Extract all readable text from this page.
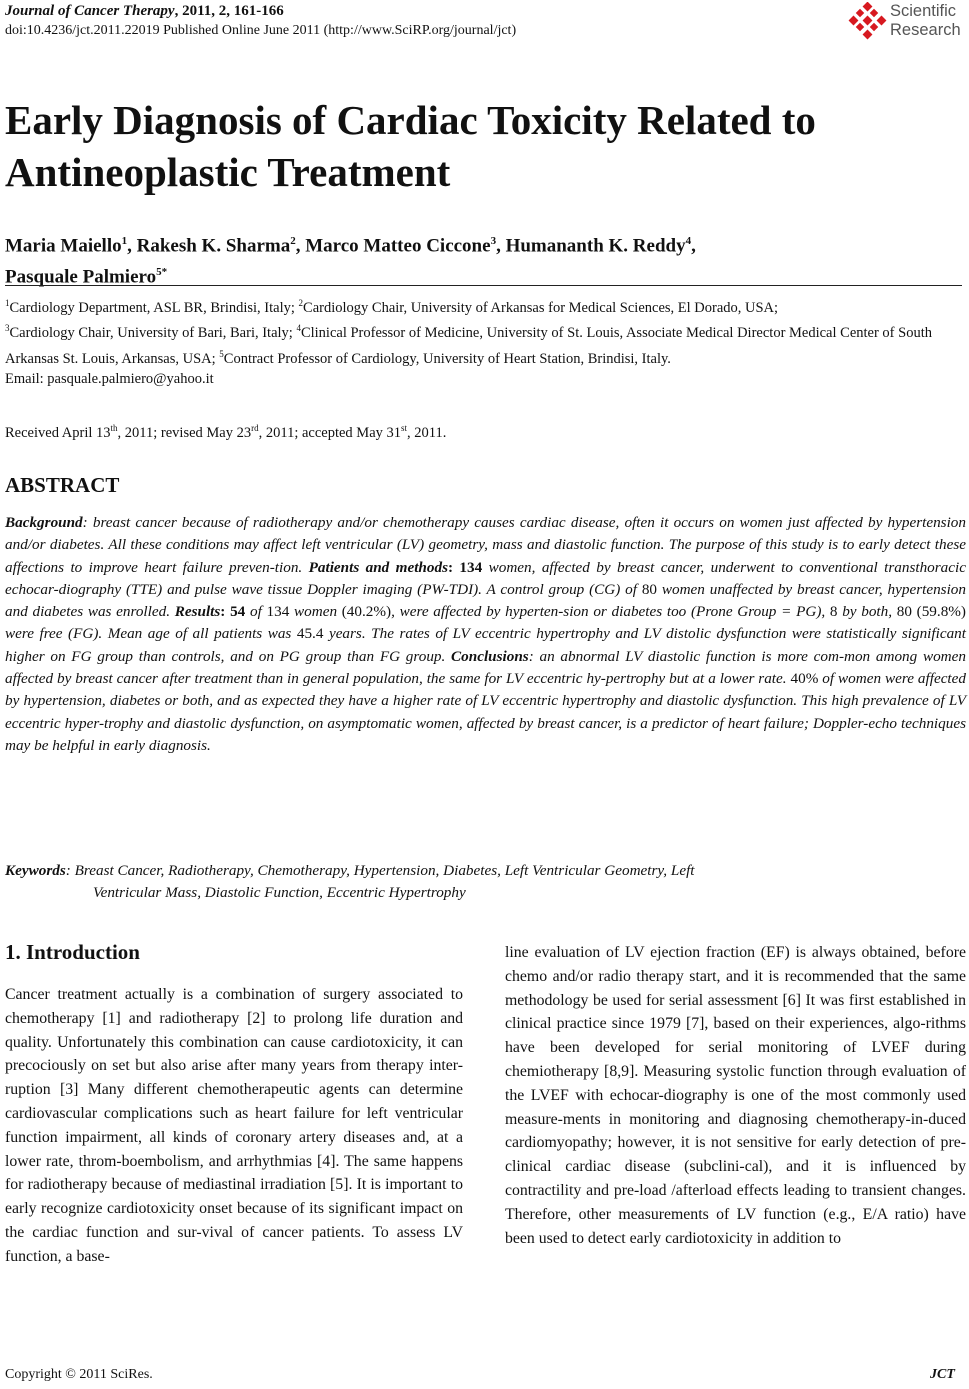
Journal of Cancer Therapy, 2011, 2, 161-166
doi:10.4236/jct.2011.22019 Published Online June 2011 (http://www.SciRP.org/journal/jct)
Scientific
Research
Early Diagnosis of Cardiac Toxicity Related to
Antineoplastic Treatment
Maria Maiello$^1$, Rakesh K. Sharma$^2$, Marco Matteo Ciccone$^3$, Humananth K. Reddy$^4$,
Pasquale Palmiero$^{5*}$
$^1$Cardiology Department, ASL BR, Brindisi, Italy; $^2$Cardiology Chair, University of Arkansas for Medical Sciences, El Dorado, USA;
$^3$Cardiology Chair, University of Bari, Bari, Italy; $^4$Clinical Professor of Medicine, University of St. Louis, Associate Medical Director Medical Center of South Arkansas St. Louis, Arkansas, USA; $^5$Contract Professor of Cardiology, University of Heart Station, Brindisi, Italy.
Email: pasquale.palmiero@yahoo.it
Received April 13th, 2011; revised May 23rd, 2011; accepted May 31st, 2011.
ABSTRACT
Background: breast cancer because of radiotherapy and/or chemotherapy causes cardiac disease, often it occurs on women just affected by hypertension and/or diabetes. All these conditions may affect left ventricular (LV) geometry, mass and diastolic function. The purpose of this study is to early detect these affections to improve heart failure preven-tion. Patients and methods: 134 women, affected by breast cancer, underwent to conventional transthoracic echocar-diography (TTE) and pulse wave tissue Doppler imaging (PW-TDI). A control group (CG) of 80 women unaffected by breast cancer, hypertension and diabetes was enrolled. Results: 54 of 134 women (40.2%), were affected by hyperten-sion or diabetes too (Prone Group = PG), 8 by both, 80 (59.8%) were free (FG). Mean age of all patients was 45.4 years. The rates of LV eccentric hypertrophy and LV distolic dysfunction were statistically significant higher on FG group than controls, and on PG group than FG group. Conclusions: an abnormal LV diastolic function is more com-mon among women affected by breast cancer after treatment than in general population, the same for LV eccentric hy-pertrophy but at a lower rate. 40% of women were affected by hypertension, diabetes or both, and as expected they have a higher rate of LV eccentric hypertrophy and diastolic dysfunction. This high prevalence of LV eccentric hyper-trophy and diastolic dysfunction, on asymptomatic women, affected by breast cancer, is a predictor of heart failure; Doppler-echo techniques may be helpful in early diagnosis.
Keywords: Breast Cancer, Radiotherapy, Chemotherapy, Hypertension, Diabetes, Left Ventricular Geometry, Left
Ventricular Mass, Diastolic Function, Eccentric Hypertrophy
1. Introduction
Cancer treatment actually is a combination of surgery associated to chemotherapy [1] and radiotherapy [2] to prolong life duration and quality. Unfortunately this combination can cause cardiotoxicity, it can precociously on set but also arise after many years from therapy inter-ruption [3] Many different chemotherapeutic agents can determine cardiovascular complications such as heart failure for left ventricular function impairment, all kinds of coronary artery diseases and, at a lower rate, throm-boembolism, and arrhythmias [4]. The same happens for radiotherapy because of mediastinal irradiation [5]. It is important to early recognize cardiotoxicity onset because of its significant impact on the cardiac function and sur-vival of cancer patients. To assess LV function, a base-
line evaluation of LV ejection fraction (EF) is always obtained, before chemo and/or radio therapy start, and it is recommended that the same methodology be used for serial assessment [6] It was first established in clinical practice since 1979 [7], based on their experiences, algo-rithms have been developed for serial monitoring of LVEF during chemiotherapy [8,9]. Measuring systolic function through evaluation of the LVEF with echocar-diography is one of the most commonly used measure-ments in monitoring and diagnosing chemotherapy-in-duced cardiomyopathy; however, it is not sensitive for early detection of pre-clinical cardiac disease (subclini-cal), and it is influenced by contractility and pre-load /afterload effects leading to transient changes. Therefore, other measurements of LV function (e.g., E/A ratio) have been used to detect early cardiotoxicity in addition to
Copyright © 2011 SciRes.	JCT
